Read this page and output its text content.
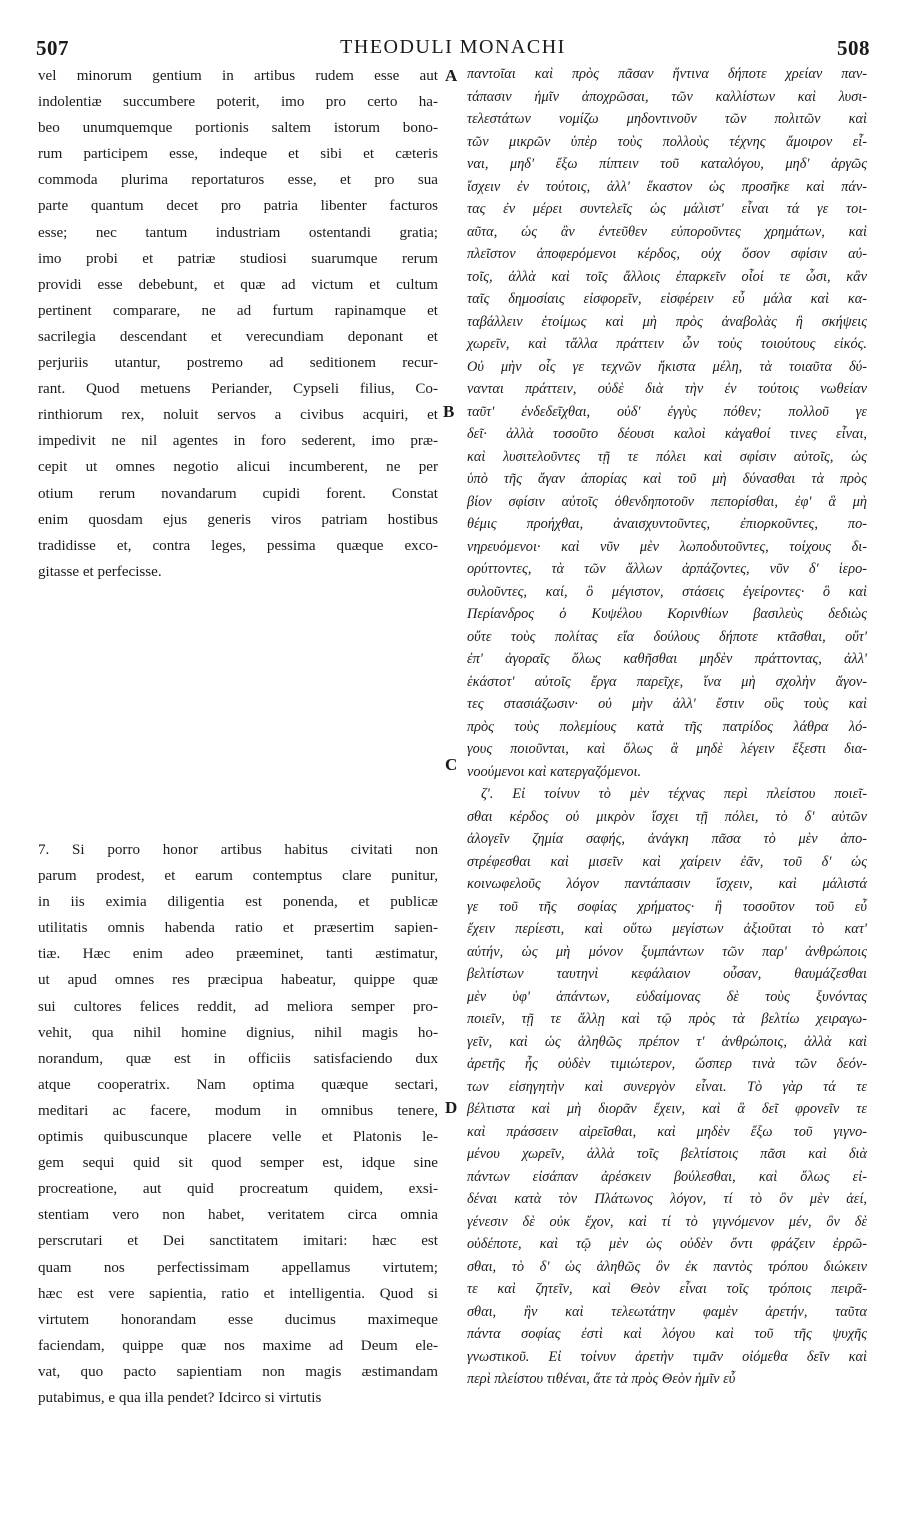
507	THEODULI MONACHI	508
vel minorum gentium in artibus rudem esse aut
indolentiæ succumbere poterit, imo pro certo ha-
beo unumquemque portionis saltem istorum bono-
rum participem esse, indeque et sibi et cæteris
commoda plurima reportaturos esse, et pro sua
parte quantum decet pro patria libenter facturos
esse; nec tantum industriam ostentandi gratia;
imo probi et patriæ studiosi suarumque rerum
providi esse debebunt, et quæ ad victum et cultum
pertinent comparare, ne ad furtum rapinamque et
sacrilegia descendant et verecundiam deponant et
perjuriis utantur, postremo ad seditionem recur-
rant. Quod metuens Periander, Cypseli filius, Co-
rinthiorum rex, noluit servos a civibus acquiri, et
impedivit ne nil agentes in foro sederent, imo præ-
cepit ut omnes negotio alicui incumberent, ne per
otium rerum novandarum cupidi forent. Constat
enim quosdam ejus generis viros patriam hostibus
tradidisse et, contra leges, pessima quæque exco-
gitasse et perfecisse.
7. Si porro honor artibus habitus civitati non
parum prodest, et earum contemptus clare punitur,
in iis eximia diligentia est ponenda, et publicæ
utilitatis omnis habenda ratio et præsertim sapien-
tiæ. Hæc enim adeo præeminet, tanti æstimatur,
ut apud omnes res præcipua habeatur, quippe quæ
sui cultores felices reddit, ad meliora semper pro-
vehit, qua nihil homine dignius, nihil magis ho-
norandum, quæ est in officiis satisfaciendo dux
atque cooperatrix. Nam optima quæque sectari,
meditari ac facere, modum in omnibus tenere,
optimis quibuscunque placere velle et Platonis le-
gem sequi quid sit quod semper est, idque sine
procreatione, aut quid procreatum quidem, exsi-
stentiam vero non habet, veritatem circa omnia
perscrutari et Dei sanctitatem imitari: hæc est
quam nos perfectissimam appellamus virtutem;
hæc est vere sapientia, ratio et intelligentia. Quod si
virtutem honorandam esse ducimus maximeque
faciendam, quippe quæ nos maxime ad Deum ele-
vat, quo pacto sapientiam non magis æstimandam
putabimus, e qua illa pendet? Idcirco si virtutis
παντοῖαι καὶ πρὸς πᾶσαν ἥντινα δήποτε χρείαν παν-
τάπασιν ἡμῖν ἀποχρῶσαι, τῶν καλλίστων καὶ λυσι-
τελεστάτων νομίζω μηδοντινοῦν τῶν πολιτῶν καὶ
τῶν μικρῶν ὑπὲρ τοὺς πολλοὺς τέχνης ἄμοιρον εἶ-
ναι, μηδ' ἔξω πίπτειν τοῦ καταλόγου, μηδ' ἀργῶς
ἴσχειν ἐν τούτοις, ἀλλ' ἕκαστον ὡς προσῆκε καὶ πάν-
τας ἐν μέρει συντελεῖς ὡς μάλιστ' εἶναι τά γε τοι-
αῦτα, ὡς ἂν ἐντεῦθεν εὐποροῦντες χρημάτων, καὶ
πλεῖστον ἀποφερόμενοι κέρδος, οὐχ ὅσον σφίσιν αὐ-
τοῖς, ἀλλὰ καὶ τοῖς ἄλλοις ἐπαρκεῖν οἷοί τε ὦσι, κἂν
ταῖς δημοσίαις εἰσφορεῖν, εἰσφέρειν εὖ μάλα καὶ κα-
ταβάλλειν ἑτοίμως καὶ μὴ πρὸς ἀναβολὰς ἢ σκήψεις
χωρεῖν, καὶ τἄλλα πράττειν ὧν τοὺς τοιούτους εἰκός.
Οὐ μὴν οἷς γε τεχνῶν ἥκιστα μέλη, τὰ τοιαῦτα δύ-
νανται πράττειν, οὐδὲ διὰ τὴν ἐν τούτοις νωθείαν
ταῦτ' ἐνδεδεῖχθαι, οὐδ' ἐγγὺς πόθεν; πολλοῦ γε
δεῖ· ἀλλὰ τοσοῦτο δέουσι καλοὶ κἀγαθοί τινες εἶναι,
καὶ λυσιτελοῦντες τῇ τε πόλει καὶ σφίσιν αὐτοῖς, ὡς
ὑπὸ τῆς ἄγαν ἀπορίας καὶ τοῦ μὴ δύνασθαι τὰ πρὸς
βίον σφίσιν αὐτοῖς ὁθενδηποτοῦν πεπορίσθαι, ἐφ' ἃ μὴ
θέμις προήχθαι, ἀναισχυντοῦντες, ἐπιορκοῦντες, πο-
νηρευόμενοι· καὶ νῦν μὲν λωποδυτοῦντες, τοίχους δι-
ορύττοντες, τὰ τῶν ἄλλων ἁρπάζοντες, νῦν δ' ἱερο-
συλοῦντες, καί, ὃ μέγιστον, στάσεις ἐγείροντες· ὃ καὶ
Περίανδρος ὁ Κυψέλου Κορινθίων βασιλεὺς δεδιὼς
οὔτε τοὺς πολίτας εἴα δούλους δήποτε κτᾶσθαι, οὔτ'
ἐπ' ἀγοραῖς ὅλως καθῆσθαι μηδὲν πράττοντας, ἀλλ'
ἑκάστοτ' αὐτοῖς ἔργα παρεῖχε, ἵνα μὴ σχολὴν ἄγον-
τες στασιάζωσιν· οὐ μὴν ἀλλ' ἔστιν οὓς τοὺς καὶ
πρὸς τοὺς πολεμίους κατὰ τῆς πατρίδος λάθρα λό-
γους ποιοῦνται, καὶ ὅλως ἃ μηδὲ λέγειν ἔξεστι δια-
νοούμενοι καὶ κατεργαζόμενοι.
ζ'. Εἰ τοίνυν τὸ μὲν τέχνας περὶ πλείστου ποιεῖ-
σθαι κέρδος οὐ μικρὸν ἴσχει τῇ πόλει, τὸ δ' αὐτῶν
ἀλογεῖν ζημία σαφής, ἀνάγκη πᾶσα τὸ μὲν ἀπο-
στρέφεσθαι καὶ μισεῖν καὶ χαίρειν ἐᾶν, τοῦ δ' ὡς
κοινωφελοῦς λόγον παντάπασιν ἴσχειν, καὶ μάλιστά
γε τοῦ τῆς σοφίας χρήματος· ἣ τοσοῦτον τοῦ εὖ
ἔχειν περίεστι, καὶ οὕτω μεγίστων ἀξιοῦται τὸ κατ'
αὐτήν, ὡς μὴ μόνον ξυμπάντων τῶν παρ' ἀνθρώποις
βελτίστων ταυτηνὶ κεφάλαιον οὖσαν, θαυμάζεσθαι
μὲν ὑφ' ἁπάντων, εὐδαίμονας δὲ τοὺς ξυνόντας
ποιεῖν, τῇ τε ἄλλῃ καὶ τῷ πρὸς τὰ βελτίω χειραγω-
γεῖν, καὶ ὡς ἀληθῶς πρέπον τ' ἀνθρώποις, ἀλλὰ καὶ
ἀρετῆς ἧς οὐδὲν τιμιώτερον, ὥσπερ τινὰ τῶν δεόν-
των εἰσηγητὴν καὶ συνεργὸν εἶναι. Τὸ γὰρ τά τε
βέλτιστα καὶ μὴ διορᾶν ἔχειν, καὶ ἃ δεῖ φρονεῖν τε
καὶ πράσσειν αἱρεῖσθαι, καὶ μηδὲν ἔξω τοῦ γιγνο-
μένου χωρεῖν, ἀλλὰ τοῖς βελτίστοις πᾶσι καὶ διὰ
πάντων εἰσάπαν ἀρέσκειν βούλεσθαι, καὶ ὅλως εἰ-
δέναι κατὰ τὸν Πλάτωνος λόγον, τί τὸ ὂν μὲν ἀεί,
γένεσιν δὲ οὐκ ἔχον, καὶ τί τὸ γιγνόμενον μέν, ὂν δὲ
οὐδέποτε, καὶ τῷ μὲν ὡς οὐδὲν ὄντι φράζειν ἐρρῶ-
σθαι, τὸ δ' ὡς ἀληθῶς ὂν ἐκ παντὸς τρόπου διώκειν
τε καὶ ζητεῖν, καὶ Θεὸν εἶναι τοῖς τρόποις πειρᾶ-
σθαι, ἣν καὶ τελεωτάτην φαμὲν ἀρετήν, ταῦτα
πάντα σοφίας ἐστὶ καὶ λόγου καὶ τοῦ τῆς ψυχῆς
γνωστικοῦ. Εἰ τοίνυν ἀρετὴν τιμᾶν οἰόμεθα δεῖν καὶ
περὶ πλείστου τιθέναι, ἅτε τὰ πρὸς Θεὸν ἡμῖν εὖ
A
B
C
D
